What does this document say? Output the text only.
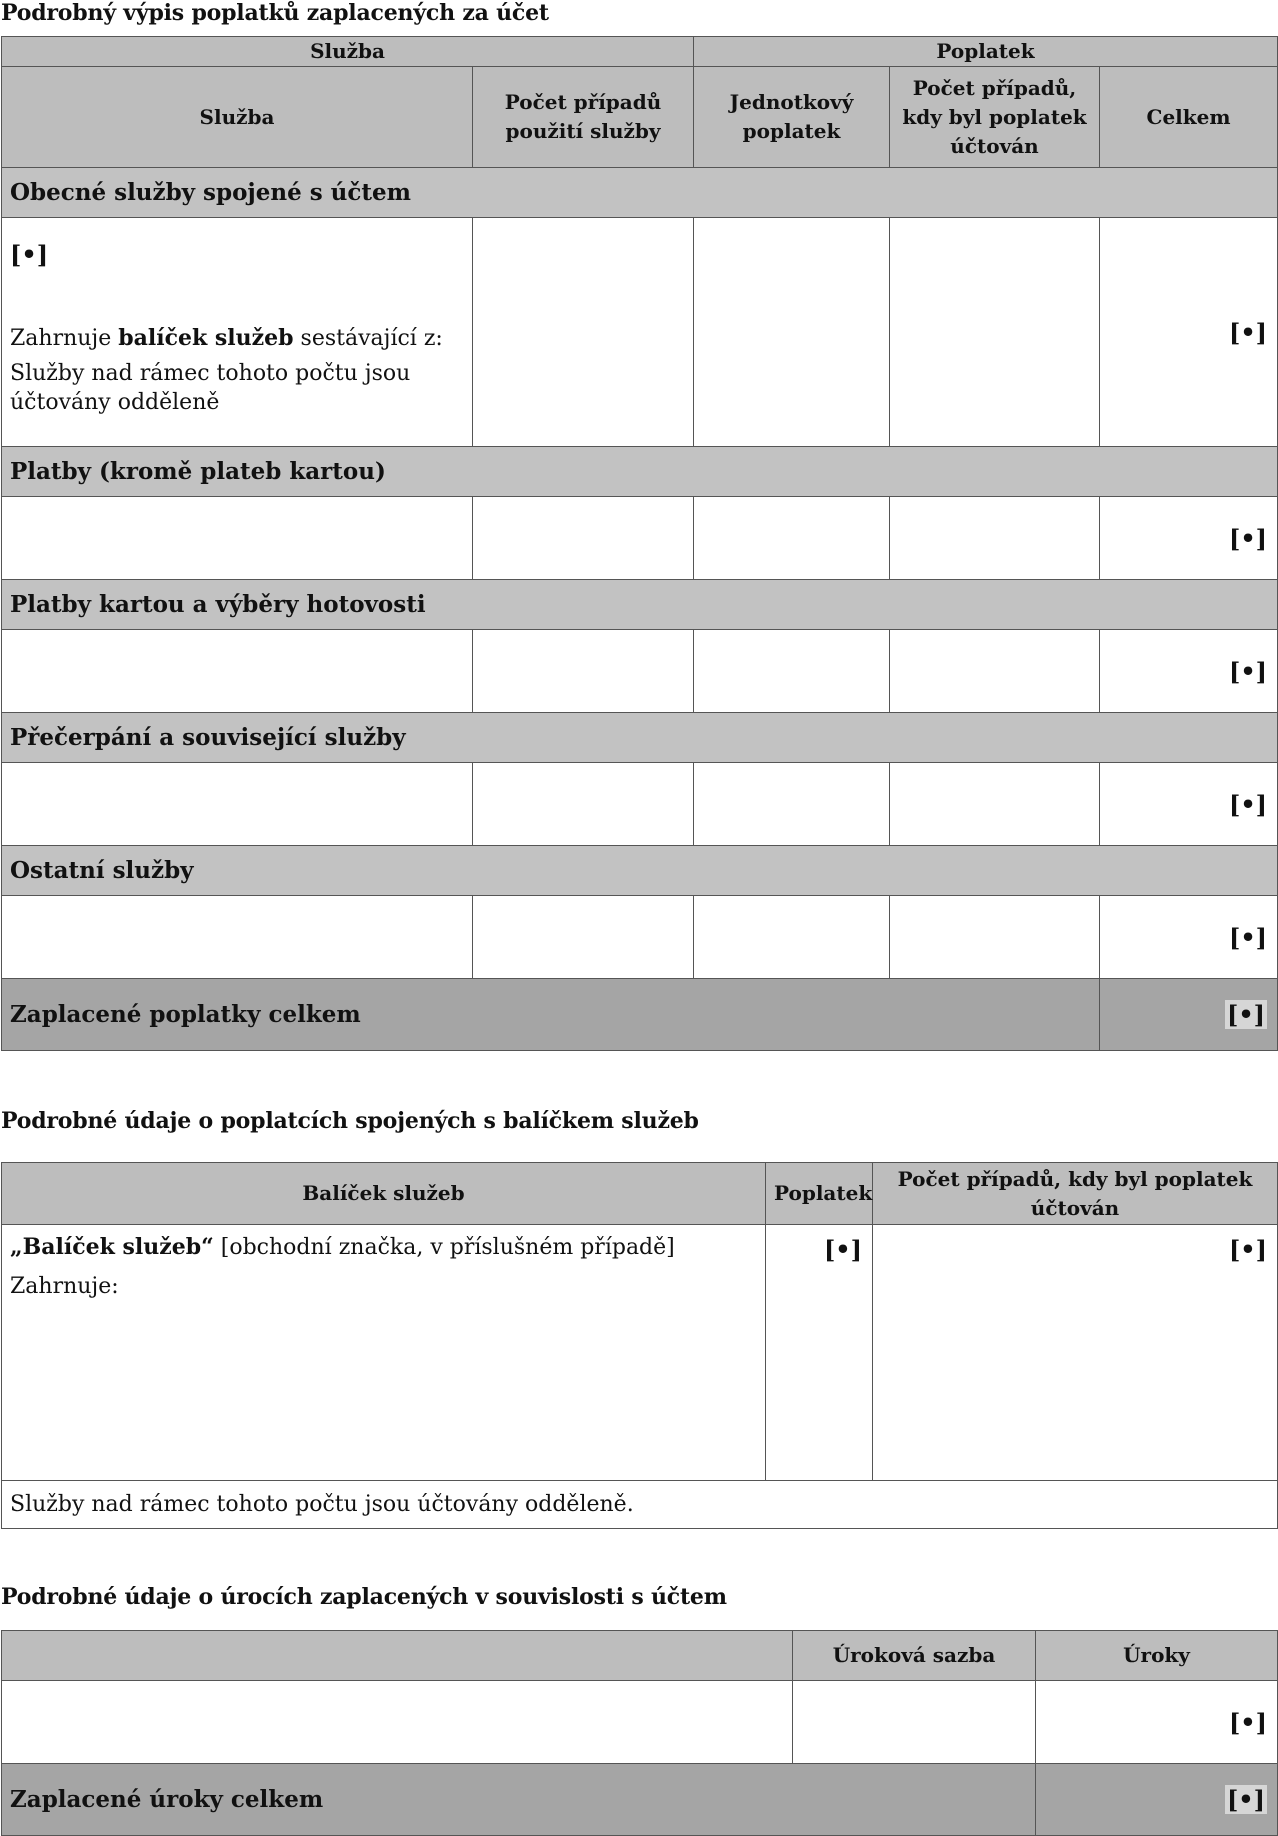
Podrobný výpis poplatků zaplacených za účet
Služba		Poplatek		
Služba	Počet případů použití služby	Jednotkový poplatek	Počet případů, kdy byl poplatek účtován	Celkem
Obecné služby spojené s účtem				

[•]
Zahrnuje balíček služeb sestávající z:
Služby nad rámec tohoto počtu jsou účtovány odděleně				[•]
Platby (kromě plateb kartou)				
				[•]
Platby kartou a výběry hotovosti				
				[•]
Přečerpání a související služby				
				[•]
Ostatní služby				
				[•]
Zaplacené poplatky celkem				[•]
Podrobné údaje o poplatcích spojených s balíčkem služeb
Balíček služeb	Poplatek	Počet případů, kdy byl poplatek účtován

„Balíček služeb“ [obchodní značka, v příslušném případě]
Zahrnuje:	[•]	[•]
Služby nad rámec tohoto počtu jsou účtovány odděleně.		
Podrobné údaje o úrocích zaplacených v souvislosti s účtem
	Úroková sazba	Úroky
		[•]
Zaplacené úroky celkem		[•]
